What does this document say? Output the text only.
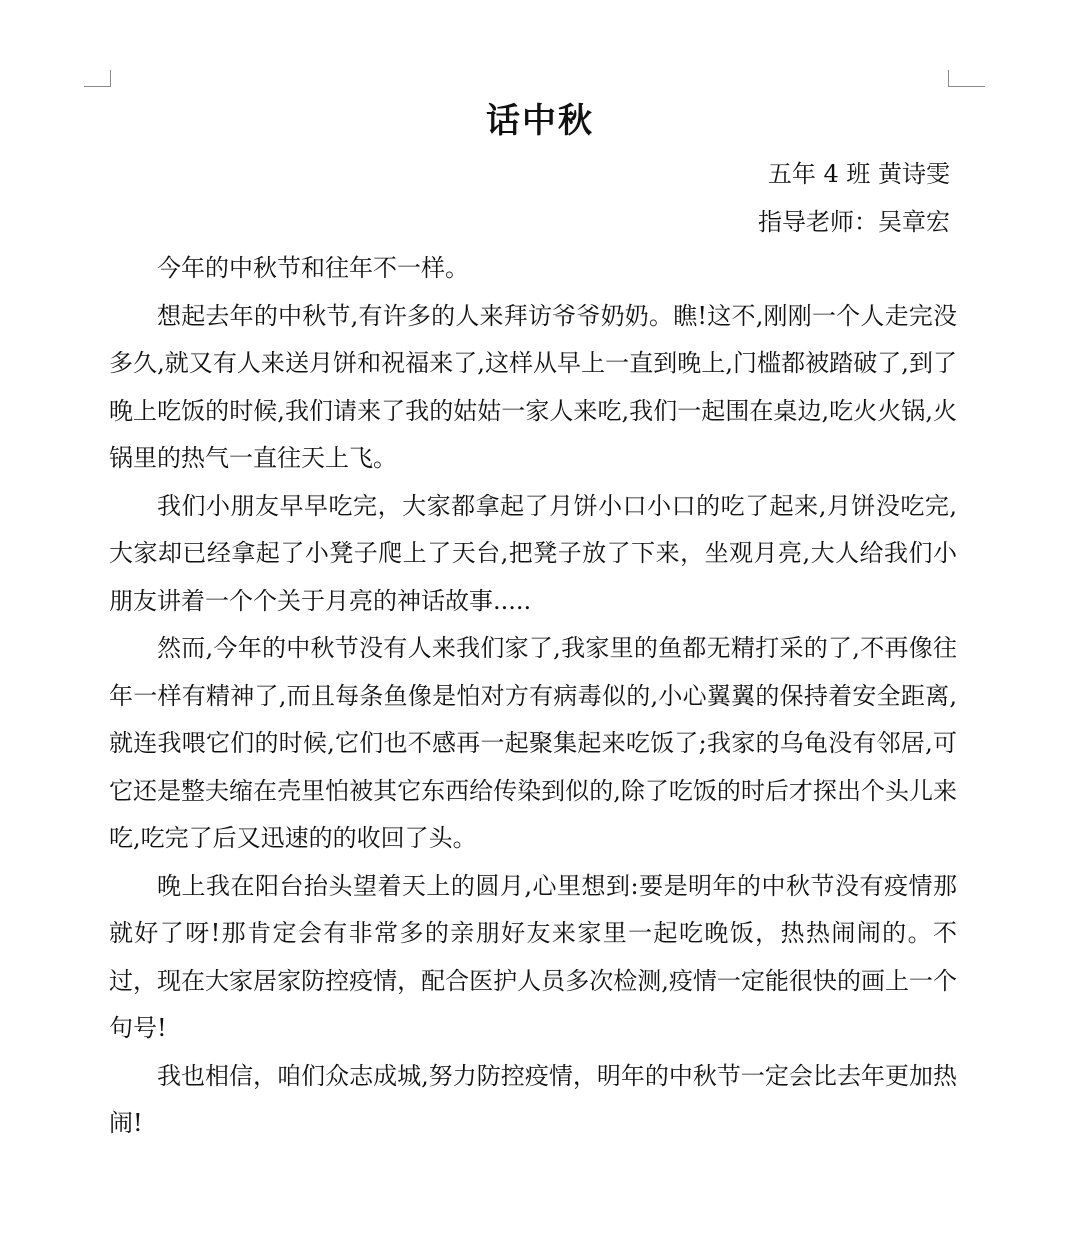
话中秋
五年 4 班 黄诗雯
指导老师：吴章宏

今年的中秋节和往年不一样。

想起去年的中秋节,有许多的人来拜访爷爷奶奶。瞧!这不,刚刚一个人走完没多久,就又有人来送月饼和祝福来了,这样从早上一直到晚上,门槛都被踏破了,到了晚上吃饭的时候,我们请来了我的姑姑一家人来吃,我们一起围在桌边,吃火火锅,火锅里的热气一直往天上飞。

我们小朋友早早吃完，大家都拿起了月饼小口小口的吃了起来,月饼没吃完,大家却已经拿起了小凳子爬上了天台,把凳子放了下来，坐观月亮,大人给我们小朋友讲着一个个关于月亮的神话故事.....

然而,今年的中秋节没有人来我们家了,我家里的鱼都无精打采的了,不再像往年一样有精神了,而且每条鱼像是怕对方有病毒似的,小心翼翼的保持着安全距离,就连我喂它们的时候,它们也不感再一起聚集起来吃饭了;我家的乌龟没有邻居,可它还是整夫缩在壳里怕被其它东西给传染到似的,除了吃饭的时后才探出个头儿来吃,吃完了后又迅速的的收回了头。

晚上我在阳台抬头望着天上的圆月,心里想到:要是明年的中秋节没有疫情那就好了呀!那肯定会有非常多的亲朋好友来家里一起吃晚饭，热热闹闹的。不过，现在大家居家防控疫情，配合医护人员多次检测,疫情一定能很快的画上一个句号!

我也相信，咱们众志成城,努力防控疫情，明年的中秋节一定会比去年更加热闹!
